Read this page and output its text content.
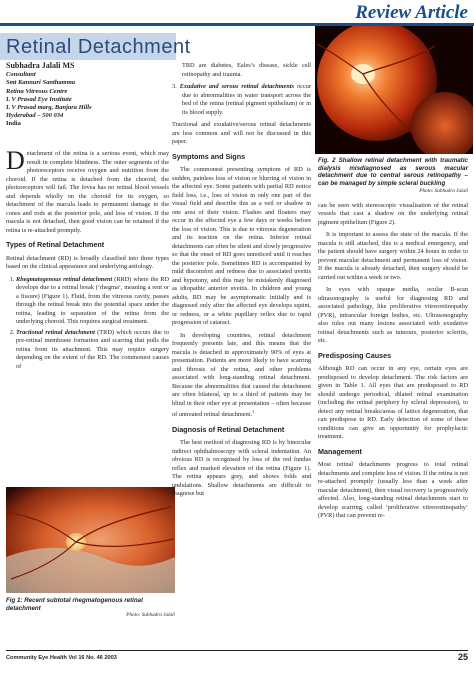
Review Article
Retinal Detachment
Subhadra Jalali MS
Consultant
Smt Kannuri Santhamma
Retina Vitreous Centre
L V Prasad Eye Institute
L V Prasad marg, Banjara Hills
Hyderabad – 500 034
India

Detachment of the retina is a serious event, which may result in complete blindness. The outer segments of the photoreceptors receive oxygen and nutrition from the choroid. If the retina is detached from the choroid, the photoreceptors will fail. The fovea has no retinal blood vessels and depends wholly on the choroid for its oxygen, so detachment of the macula leads to permanent damage to the cones and rods at the posterior pole, and loss of vision. If the macula is not detached, then good vision can be retained if the retina is re-attached promptly.

Types of Retinal Detachment

Retinal detachment (RD) is broadly classified into three types based on the clinical appearance and underlying aetiology.

1. Rhegmatogenous retinal detachment (RRD) where the RD develops due to a retinal break (‘rhegma’, meaning a rent or a fissure) (Figure 1). Fluid, from the vitreous cavity, passes through the retinal break into the potential space under the retina, leading to separation of the retina from the underlying choroid. This requires surgical treatment.
2. Tractional retinal detachment (TRD) which occurs due to pre-retinal membrane formation and scarring that pulls the retina from its attachment. This may require surgery depending on the extent of the RD. The commonest causes of
Fig 1: Recent subtotal rhegmatogenous retinal detachment
Photo: Subhadra Jalali

TRD are diabetes, Eales’s disease, sickle cell retinopathy and trauma.

3. Exudative and serous retinal detachments occur due to abnormalities in water transport across the bed of the retina (retinal pigment epithelium) or in its blood supply.

Tractional and exudative/serous retinal detachments are less common and will not be discussed in this paper.

Symptoms and Signs

The commonest presenting symptom of RD is sudden, painless loss of vision or blurring of vision in the affected eye. Some patients with partial RD notice field loss, i.e., loss of vision in only one part of the visual field and describe this as a veil or shadow in one area of their vision. Flashes and floaters may occur in the affected eye a few days or weeks before the loss of vision. This is due to vitreous degeneration and its traction on the retina. Inferior retinal detachments can often be silent and slowly progressive so that the onset of RD goes unnoticed until it reaches the posterior pole. Sometimes RD is accompanied by mild discomfort and redness due to associated uveitis and hypotony, and this may be mistakenly diagnosed as idiopathic anterior uveitis. In children and young adults, RD may be asymptomatic initially and is diagnosed only after the affected eye develops squint, or redness, or a white pupillary reflex due to rapid progression of cataract.

In developing countries, retinal detachment frequently presents late, and this means that the macula is detached in approximately 90% of eyes at presentation. Patients are more likely to have scarring and fibrosis of the retina, and other problems associated with long-standing retinal detachment. Because the abnormalities that caused the detachment are often bilateral, up to a third of patients may be blind in their other eye at presentation – often because of untreated retinal detachment.$^1$

Diagnosis of Retinal Detachment

The best method of diagnosing RD is by binocular indirect ophthalmoscopy with scleral indentation. An obvious RD is recognised by loss of the red fundus reflex and marked elevation of the retina (Figure 1). The retina appears grey, and shows folds and undulations. Shallow detachments are difficult to diagnose but

Fig. 2 Shallow retinal detachment with traumatic dialysis misdiagnosed as serous macular detachment due to central serous retinopathy – can be managed by simple scleral buckling
Photo: Subhadra Jalali

can be seen with stereoscopic visualisation of the retinal vessels that cast a shadow on the underlying retinal pigment epithelium (Figure 2).

It is important to assess the state of the macula. If the macula is still attached, this is a medical emergency, and the patient should have surgery within 24 hours in order to prevent macular detachment and permanent loss of vision. If the macula is already detached, then surgery should be carried out within a week or two.

In eyes with opaque media, ocular B-scan ultrasonography is useful for diagnosing RD and associated pathology, like proliferative vitreoretinopathy (PVR), intraocular foreign bodies, etc. Ultrasonography also rules out many lesions associated with exudative retinal detachments such as tumours, posterior scleritis, etc.

Predisposing Causes

Although RD can occur in any eye, certain eyes are predisposed to develop detachment. The risk factors are given in Table 1. All eyes that are predisposed to RD should undergo periodical, dilated retinal examination (including the retinal periphery by scleral depression), to detect any retinal breaks/areas of lattice degeneration, that can predispose to RD. Early detection of some of these conditions can give an opportunity for prophylactic treatment.

Management

Most retinal detachments progress to total retinal detachments and complete loss of vision. If the retina is not re-attached promptly (usually less than a week after macular detachment), then visual recovery is progressively affected. Also, long-standing retinal detachments start to develop scarring, called ‘proliferative vitreoretinopathy’ (PVR) that can prevent re-

Community Eye Health Vol 16 No. 46 2003	25
